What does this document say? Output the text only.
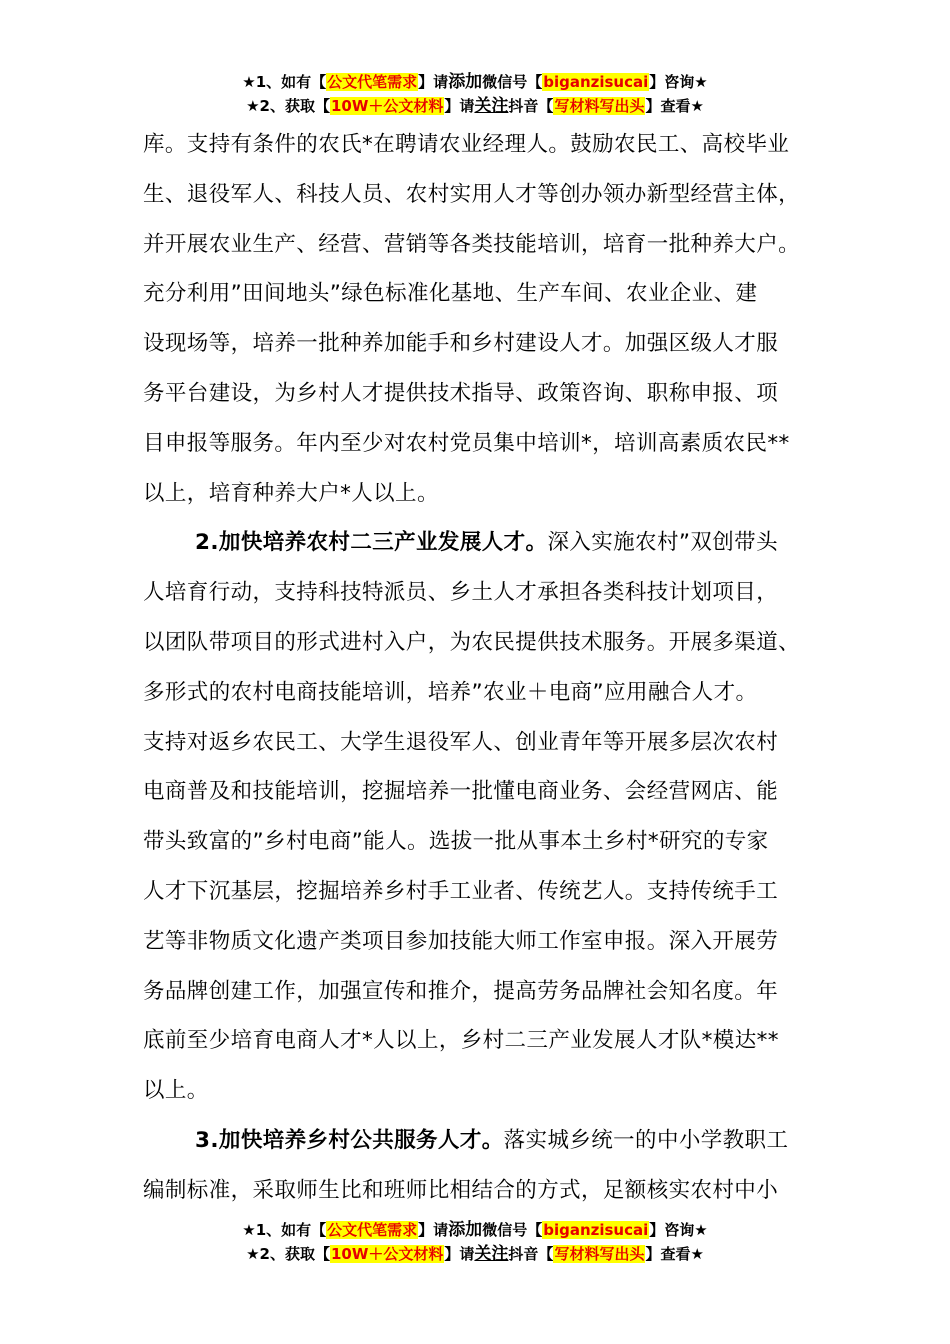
★1、如有【公文代笔需求】请添加微信号【biganzisucai】咨询★
★2、获取【10W＋公文材料】请关注抖音【写材料写出头】查看★
库。支持有条件的农氏*在聘请农业经理人。鼓励农民工、高校毕业
生、退役军人、科技人员、农村实用人才等创办领办新型经营主体，
并开展农业生产、经营、营销等各类技能培训，培育一批种养大户。
充分利用”田间地头”绿色标准化基地、生产车间、农业企业、建
设现场等，培养一批种养加能手和乡村建设人才。加强区级人才服
务平台建设，为乡村人才提供技术指导、政策咨询、职称申报、项
目申报等服务。年内至少对农村党员集中培训*，培训高素质农民**
以上，培育种养大户*人以上。
2.加快培养农村二三产业发展人才。深入实施农村”双创带头
人培育行动，支持科技特派员、乡土人才承担各类科技计划项目，
以团队带项目的形式进村入户，为农民提供技术服务。开展多渠道、
多形式的农村电商技能培训，培养”农业＋电商”应用融合人才。
支持对返乡农民工、大学生退役军人、创业青年等开展多层次农村
电商普及和技能培训，挖掘培养一批懂电商业务、会经营网店、能
带头致富的”乡村电商”能人。选拔一批从事本土乡村*研究的专家
人才下沉基层，挖掘培养乡村手工业者、传统艺人。支持传统手工
艺等非物质文化遗产类项目参加技能大师工作室申报。深入开展劳
务品牌创建工作，加强宣传和推介，提高劳务品牌社会知名度。年
底前至少培育电商人才*人以上，乡村二三产业发展人才队*模达**
以上。
3.加快培养乡村公共服务人才。落实城乡统一的中小学教职工
编制标准，采取师生比和班师比相结合的方式，足额核实农村中小
★1、如有【公文代笔需求】请添加微信号【biganzisucai】咨询★
★2、获取【10W＋公文材料】请关注抖音【写材料写出头】查看★
